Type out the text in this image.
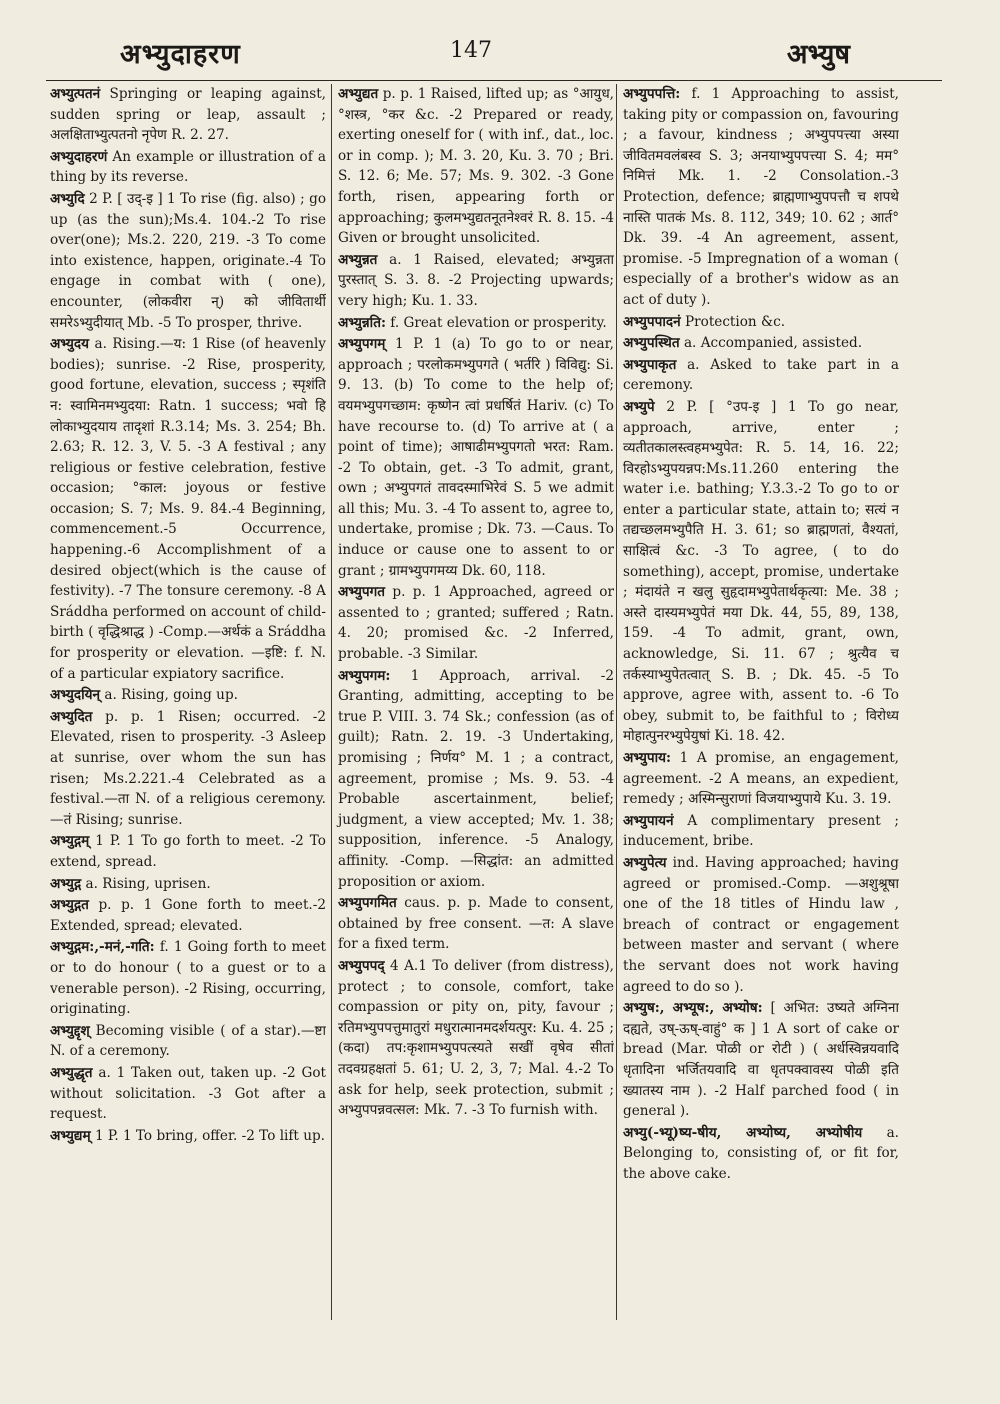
अभ्युदाहरण	147	अभ्युष

अभ्युत्पतनं Springing or leaping against, sudden spring or leap, assault ; अलक्षिताभ्युत्पतनो नृपेण R. 2. 27.

अभ्युदाहरणं An example or illustration of a thing by its reverse.

अभ्युदि 2 P. [ उद्-इ ] 1 To rise (fig. also) ; go up (as the sun);Ms.4. 104.-2 To rise over(one); Ms.2. 220, 219. -3 To come into existence, happen, originate.-4 To engage in combat with ( one), encounter, (लोकवीरा न्) को जीवितार्थी समरेऽभ्युदीयात् Mb. -5 To prosper, thrive.

अभ्युदय a. Rising.—य: 1 Rise (of heavenly bodies); sunrise. -2 Rise, prosperity, good fortune, elevation, success ; स्पृशंति न: स्वामिनमभ्युदया: Ratn. 1 success; भवो हि लोकाभ्युदयाय तादृशां R.3.14; Ms. 3. 254; Bh. 2.63; R. 12. 3, V. 5. -3 A festival ; any religious or festive celebration, festive occasion; °काल: joyous or festive occasion; S. 7; Ms. 9. 84.-4 Beginning, commencement.-5 Occurrence, happening.-6 Accomplishment of a desired object(which is the cause of festivity). -7 The tonsure ceremony. -8 A Sráddha performed on account of child-birth ( वृद्धिश्राद्ध ) -Comp.—अर्थकं a Sráddha for prosperity or elevation. —इष्टि: f. N. of a particular expiatory sacrifice.

अभ्युदयिन् a. Rising, going up.

अभ्युदित p. p. 1 Risen; occurred. -2 Elevated, risen to prosperity. -3 Asleep at sunrise, over whom the sun has risen; Ms.2.221.-4 Celebrated as a festival.—ता N. of a religious ceremony. —तं Rising; sunrise.

अभ्युद्गम् 1 P. 1 To go forth to meet. -2 To extend, spread.

अभ्युद्ग a. Rising, uprisen.

अभ्युद्गत p. p. 1 Gone forth to meet.-2 Extended, spread; elevated.

अभ्युद्गम:,-मनं,-गति: f. 1 Going forth to meet or to do honour ( to a guest or to a venerable person). -2 Rising, occurring, originating.

अभ्युद्दृश् Becoming visible ( of a star).—ष्टा N. of a ceremony.

अभ्युद्धृत a. 1 Taken out, taken up. -2 Got without solicitation. -3 Got after a request.

अभ्युद्यम् 1 P. 1 To bring, offer. -2 To lift up.

अभ्युद्यत p. p. 1 Raised, lifted up; as °आयुध, °शस्त्र, °कर &c. -2 Prepared or ready, exerting oneself for ( with inf., dat., loc. or in comp. ); M. 3. 20, Ku. 3. 70 ; Bri. S. 12. 6; Me. 57; Ms. 9. 302. -3 Gone forth, risen, appearing forth or approaching; कुलमभ्युद्यतनूतनेश्वरं R. 8. 15. -4 Given or brought unsolicited.

अभ्युन्नत a. 1 Raised, elevated; अभ्युन्नता पुरस्तात् S. 3. 8. -2 Projecting upwards; very high; Ku. 1. 33.

अभ्युन्नति: f. Great elevation or prosperity.

अभ्युपगम् 1 P. 1 (a) To go to or near, approach ; परलोकमभ्युपगते ( भर्तरि ) विविद्यु: Si. 9. 13. (b) To come to the help of; वयमभ्युपगच्छाम: कृष्णेन त्वां प्रधर्षितं Hariv. (c) To have recourse to. (d) To arrive at ( a point of time); आषाढीमभ्युपगतो भरत: Ram. -2 To obtain, get. -3 To admit, grant, own ; अभ्युपगतं तावदस्माभिरेवं S. 5 we admit all this; Mu. 3. -4 To assent to, agree to, undertake, promise ; Dk. 73. —Caus. To induce or cause one to assent to or grant ; ग्रामभ्युपगमय्य Dk. 60, 118.

अभ्युपगत p. p. 1 Approached, agreed or assented to ; granted; suffered ; Ratn. 4. 20; promised &c. -2 Inferred, probable. -3 Similar.

अभ्युपगम: 1 Approach, arrival. -2 Granting, admitting, accepting to be true P. VIII. 3. 74 Sk.; confession (as of guilt); Ratn. 2. 19. -3 Undertaking, promising ; निर्णय° M. 1 ; a contract, agreement, promise ; Ms. 9. 53. -4 Probable ascertainment, belief; judgment, a view accepted; Mv. 1. 38; supposition, inference. -5 Analogy, affinity. -Comp. —सिद्धांत: an admitted proposition or axiom.

अभ्युपगमित caus. p. p. Made to consent, obtained by free consent. —त: A slave for a fixed term.

अभ्युपपद् 4 A.1 To deliver (from distress), protect ; to console, comfort, take compassion or pity on, pity, favour ; रतिमभ्युपपत्तुमातुरां मधुरात्मानमदर्शयत्पुर: Ku. 4. 25 ; (कदा) तप:कृशामभ्युपपत्स्यते सखीं वृषेव सीतां तदवग्रहक्षतां 5. 61; U. 2, 3, 7; Mal. 4.-2 To ask for help, seek protection, submit ; अभ्युपपन्नवत्सल: Mk. 7. -3 To furnish with.

अभ्युपपत्ति: f. 1 Approaching to assist, taking pity or compassion on, favouring ; a favour, kindness ; अभ्युपपत्त्या अस्या जीवितमवलंबस्व S. 3; अनयाभ्युपपत्त्या S. 4; मम° निमित्तं Mk. 1. -2 Consolation.-3 Protection, defence; ब्राह्मणाभ्युपपत्तौ च शपथे नास्ति पातकं Ms. 8. 112, 349; 10. 62 ; आर्त° Dk. 39. -4 An agreement, assent, promise. -5 Impregnation of a woman ( especially of a brother's widow as an act of duty ).

अभ्युपपादनं Protection &c.

अभ्युपस्थित a. Accompanied, assisted.

अभ्युपाकृत a. Asked to take part in a ceremony.

अभ्युपे 2 P. [ °उप-इ ] 1 To go near, approach, arrive, enter ; व्यतीतकालस्त्वहमभ्युपेत: R. 5. 14, 16. 22; विरहोऽभ्युपयन्नप:Ms.11.260 entering the water i.e. bathing; Y.3.3.-2 To go to or enter a particular state, attain to; सत्यं न तद्यच्छलमभ्युपैति H. 3. 61; so ब्राह्मणतां, वैश्यतां, साक्षित्वं &c. -3 To agree, ( to do something), accept, promise, undertake ; मंदायंते न खलु सुहृदामभ्युपेतार्थकृत्या: Me. 38 ; अस्ते दास्यमभ्युपेतं मया Dk. 44, 55, 89, 138, 159. -4 To admit, grant, own, acknowledge, Si. 11. 67 ; श्रुत्यैव च तर्कस्याभ्युपेतत्वात् S. B. ; Dk. 45. -5 To approve, agree with, assent to. -6 To obey, submit to, be faithful to ; विरोध्य मोहात्पुनरभ्युपेयुषां Ki. 18. 42.

अभ्युपाय: 1 A promise, an engagement, agreement. -2 A means, an expedient, remedy ; अस्मिन्सुराणां विजयाभ्युपाये Ku. 3. 19.

अभ्युपायनं A complimentary present ; inducement, bribe.

अभ्युपेत्य ind. Having approached; having agreed or promised.-Comp. —अशुश्रूषा one of the 18 titles of Hindu law , breach of contract or engagement between master and servant ( where the servant does not work having agreed to do so ).

अभ्युष:, अभ्यूष:, अभ्योष: [ अभित: उष्यते अग्निना दह्यते, उष्-ऊष्-वाहुं° क ] 1 A sort of cake or bread (Mar. पोळी or रोटी ) ( अर्धस्विन्नयवादि धृतादिना भर्जितयवादि वा धृतपक्वावस्य पोळी इति ख्यातस्य नाम ). -2 Half parched food ( in general ).

अभ्यु(-भ्यू)ष्य-षीय, अभ्योष्य, अभ्योषीय a. Belonging to, consisting of, or fit for, the above cake.
